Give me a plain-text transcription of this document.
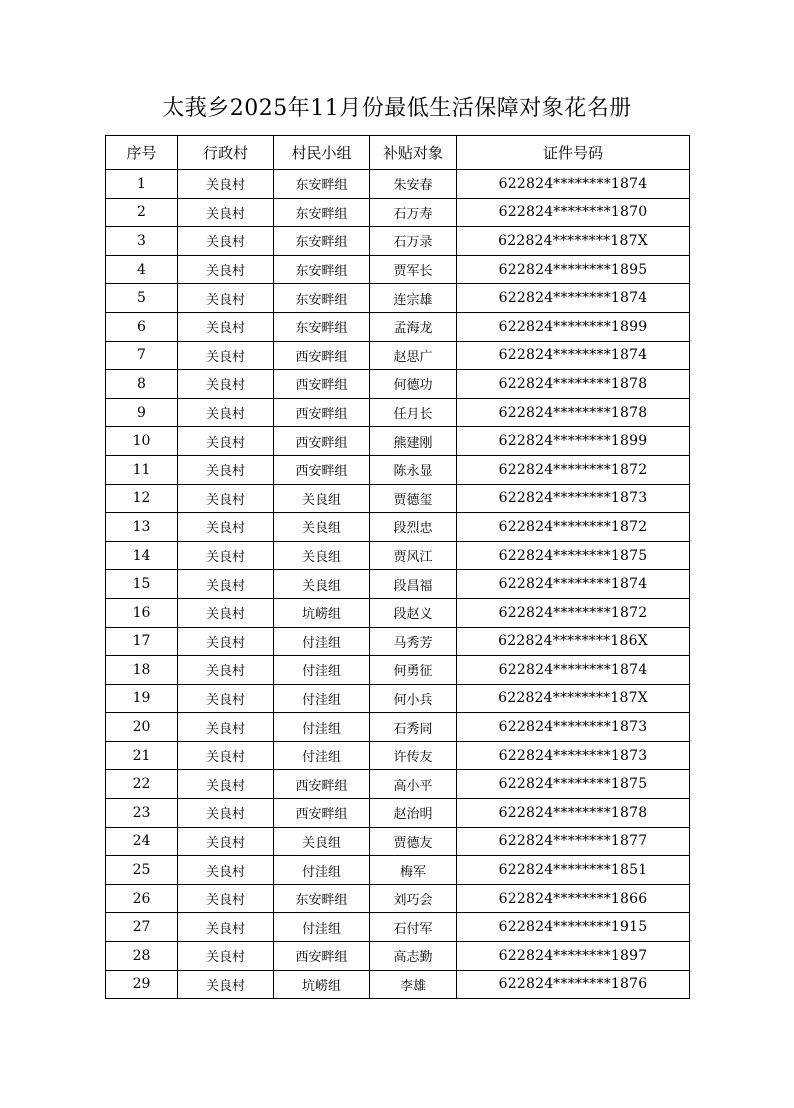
太莪乡2025年11月份最低生活保障对象花名册
序号	行政村	村民小组	补贴对象	证件号码
1	关良村	东安畔组	朱安春	622824********1874
2	关良村	东安畔组	石万寿	622824********1870
3	关良村	东安畔组	石万录	622824********187X
4	关良村	东安畔组	贾军长	622824********1895
5	关良村	东安畔组	连宗雄	622824********1874
6	关良村	东安畔组	孟海龙	622824********1899
7	关良村	西安畔组	赵思广	622824********1874
8	关良村	西安畔组	何德功	622824********1878
9	关良村	西安畔组	任月长	622824********1878
10	关良村	西安畔组	熊建刚	622824********1899
11	关良村	西安畔组	陈永显	622824********1872
12	关良村	关良组	贾德玺	622824********1873
13	关良村	关良组	段烈忠	622824********1872
14	关良村	关良组	贾风江	622824********1875
15	关良村	关良组	段昌福	622824********1874
16	关良村	坑崂组	段赵义	622824********1872
17	关良村	付洼组	马秀芳	622824********186X
18	关良村	付洼组	何勇征	622824********1874
19	关良村	付洼组	何小兵	622824********187X
20	关良村	付洼组	石秀同	622824********1873
21	关良村	付洼组	许传友	622824********1873
22	关良村	西安畔组	高小平	622824********1875
23	关良村	西安畔组	赵治明	622824********1878
24	关良村	关良组	贾德友	622824********1877
25	关良村	付洼组	梅军	622824********1851
26	关良村	东安畔组	刘巧会	622824********1866
27	关良村	付洼组	石付军	622824********1915
28	关良村	西安畔组	高志勤	622824********1897
29	关良村	坑崂组	李雄	622824********1876
